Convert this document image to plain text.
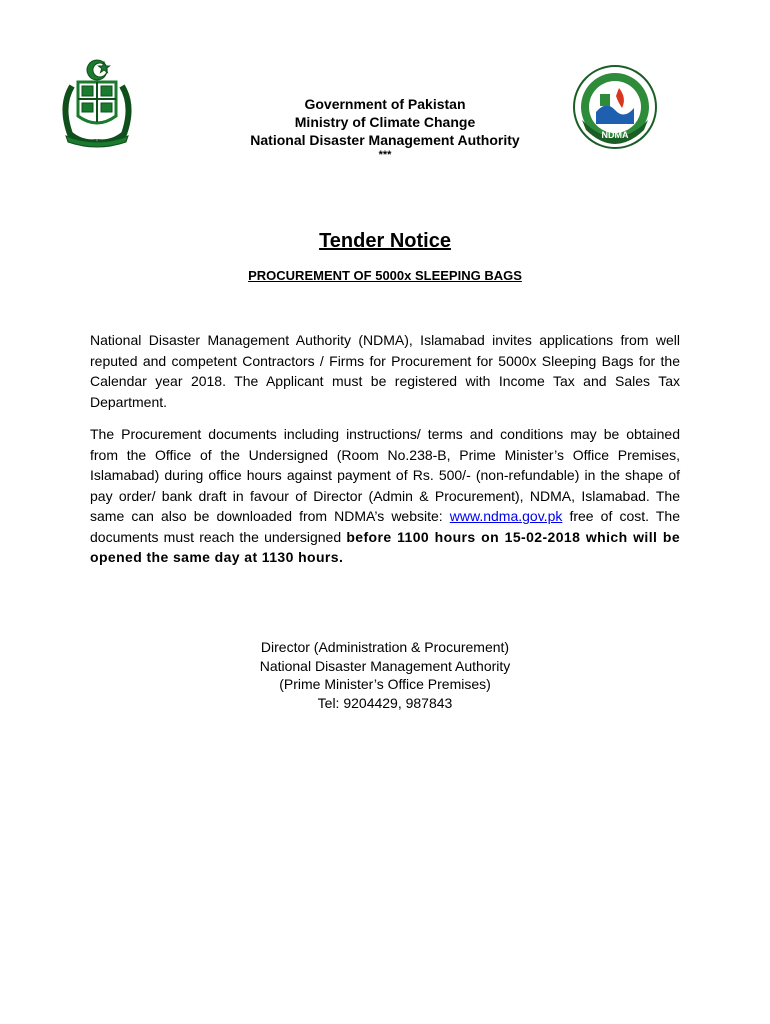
NDMA
Government of Pakistan
Ministry of Climate Change
National Disaster Management Authority
***
Tender Notice
PROCUREMENT OF 5000x SLEEPING BAGS

National Disaster Management Authority (NDMA), Islamabad invites applications from well reputed and competent Contractors / Firms for Procurement for 5000x Sleeping Bags for the Calendar year 2018. The Applicant must be registered with Income Tax and Sales Tax Department.

The Procurement documents including instructions/ terms and conditions may be obtained from the Office of the Undersigned (Room No.238-B, Prime Minister’s Office Premises, Islamabad) during office hours against payment of Rs. 500/- (non-refundable) in the shape of pay order/ bank draft in favour of Director (Admin & Procurement), NDMA, Islamabad. The same can also be downloaded from NDMA’s website: www.ndma.gov.pk free of cost. The documents must reach the undersigned before 1100 hours on 15-02-2018 which will be opened the same day at 1130 hours.

Director (Administration & Procurement)
National Disaster Management Authority
(Prime Minister’s Office Premises)
Tel: 9204429, 987843
